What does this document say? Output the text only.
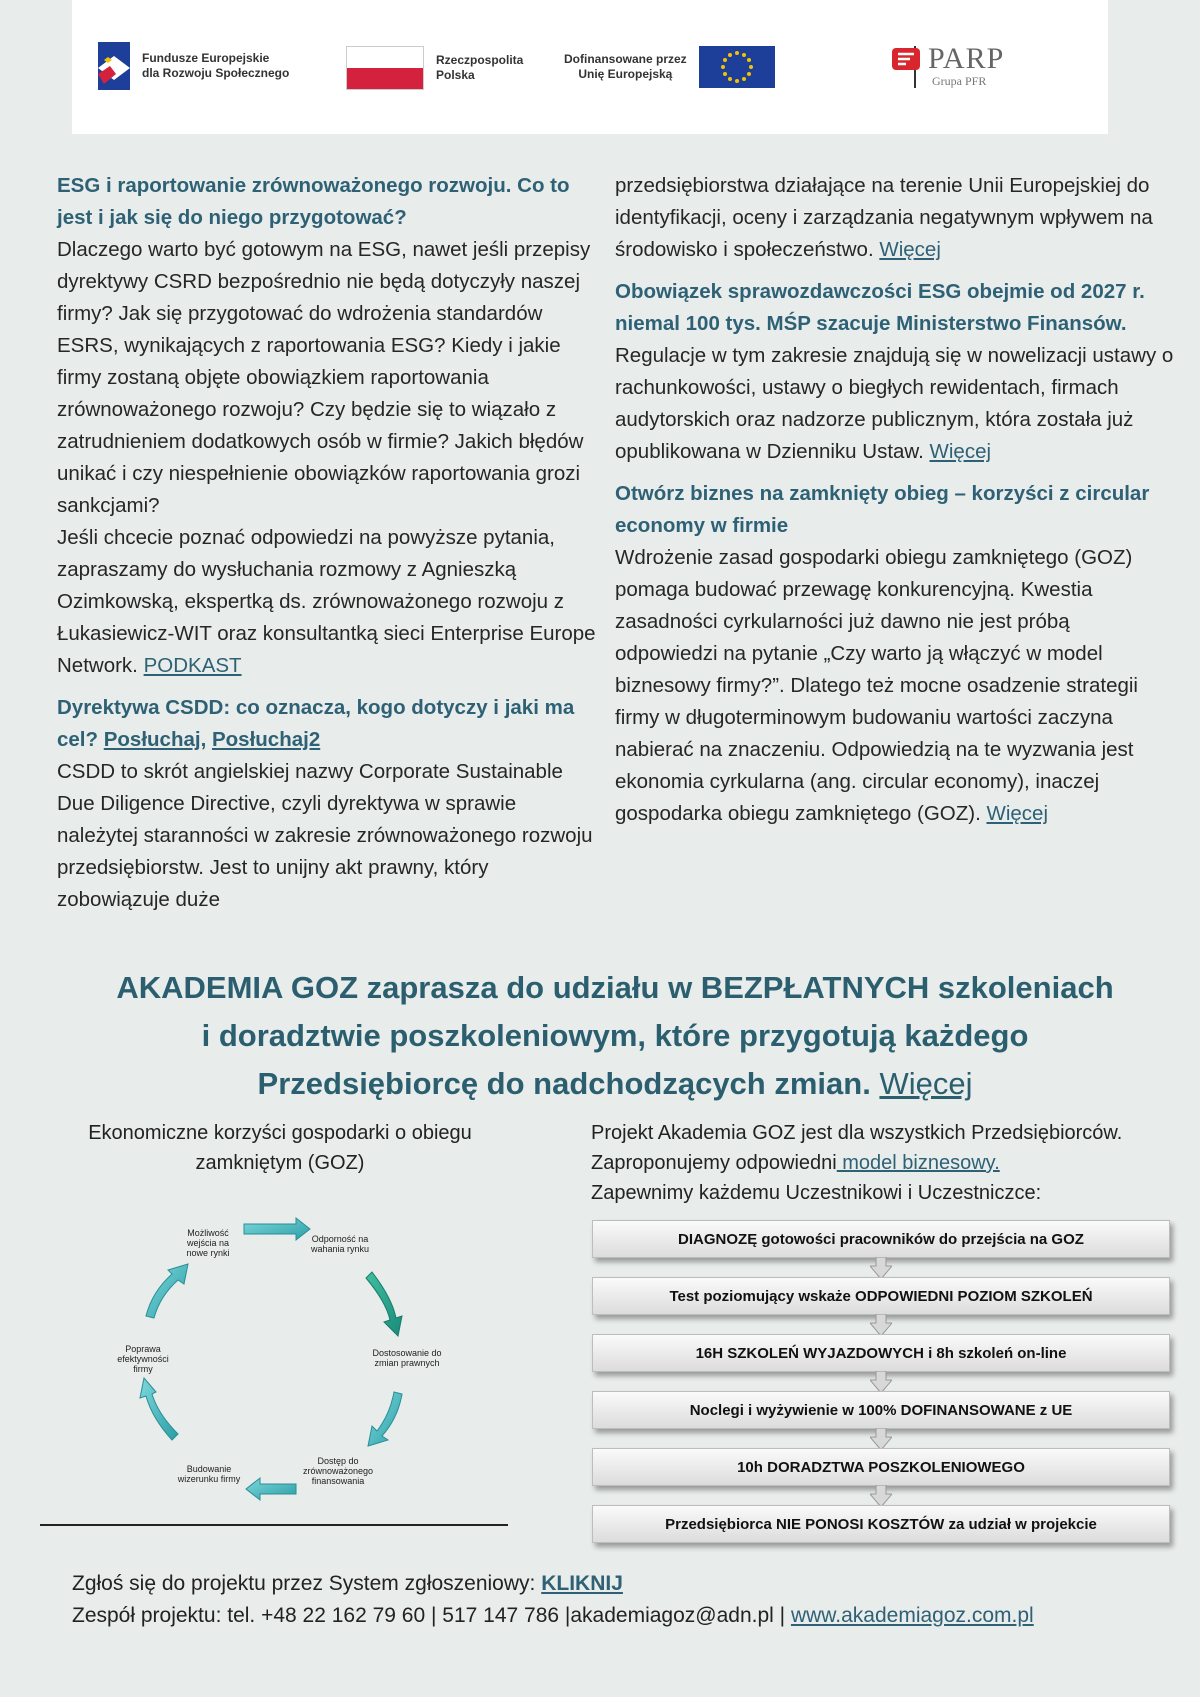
Fundusze Europejskie
dla Rozwoju Społecznego
Rzeczpospolita
Polska
Dofinansowane przez
Unię Europejską	PARP
Grupa PFR

ESG i raportowanie zrównoważonego rozwoju. Co to jest i jak się do niego przygotować?

Dlaczego warto być gotowym na ESG, nawet jeśli przepisy dyrektywy CSRD bezpośrednio nie będą dotyczyły naszej firmy? Jak się przygotować do wdrożenia standardów ESRS, wynikających z raportowania ESG? Kiedy i jakie firmy zostaną objęte obowiązkiem raportowania zrównoważonego rozwoju? Czy będzie się to wiązało z zatrudnieniem dodatkowych osób w firmie? Jakich błędów unikać i czy niespełnienie obowiązków raportowania grozi sankcjami?

Jeśli chcecie poznać odpowiedzi na powyższe pytania, zapraszamy do wysłuchania rozmowy z Agnieszką Ozimkowską, ekspertką ds. zrównoważonego rozwoju z Łukasiewicz-WIT oraz konsultantką sieci Enterprise Europe Network. PODKAST

Dyrektywa CSDD: co oznacza, kogo dotyczy i jaki ma cel? Posłuchaj, Posłuchaj2

CSDD to skrót angielskiej nazwy Corporate Sustainable Due Diligence Directive, czyli dyrektywa w sprawie należytej staranności w zakresie zrównoważonego rozwoju przedsiębiorstw. Jest to unijny akt prawny, który zobowiązuje duże

przedsiębiorstwa działające na terenie Unii Europejskiej do identyfikacji, oceny i zarządzania negatywnym wpływem na środowisko i społeczeństwo. Więcej

Obowiązek sprawozdawczości ESG obejmie od 2027 r. niemal 100 tys. MŚP szacuje Ministerstwo Finansów.

Regulacje w tym zakresie znajdują się w nowelizacji ustawy o rachunkowości, ustawy o biegłych rewidentach, firmach audytorskich oraz nadzorze publicznym, która została już opublikowana w Dzienniku Ustaw. Więcej

Otwórz biznes na zamknięty obieg – korzyści z circular economy w firmie

Wdrożenie zasad gospodarki obiegu zamkniętego (GOZ) pomaga budować przewagę konkurencyjną. Kwestia zasadności cyrkularności już dawno nie jest próbą odpowiedzi na pytanie „Czy warto ją włączyć w model biznesowy firmy?”. Dlatego też mocne osadzenie strategii firmy w długoterminowym budowaniu wartości zaczyna nabierać na znaczeniu. Odpowiedzią na te wyzwania jest ekonomia cyrkularna (ang. circular economy), inaczej gospodarka obiegu zamkniętego (GOZ). Więcej

AKADEMIA GOZ zaprasza do udziału w BEZPŁATNYCH szkoleniach
i doradztwie poszkoleniowym, które przygotują każdego
Przedsiębiorcę do nadchodzących zmian. Więcej
Ekonomiczne korzyści gospodarki o obiegu zamkniętym (GOZ)
Odporność na wahania rynku
Dostosowanie do zmian prawnych
Dostęp do zrównoważonego finansowania
Budowanie wizerunku firmy
Poprawa efektywności firmy
Możliwość wejścia na nowe rynki
Projekt Akademia GOZ jest dla wszystkich Przedsiębiorców.
Zaproponujemy odpowiedni model biznesowy.
Zapewnimy każdemu Uczestnikowi i Uczestniczce:
DIAGNOZĘ gotowości pracowników do przejścia na GOZ
Test poziomujący wskaże ODPOWIEDNI POZIOM SZKOLEŃ
16H SZKOLEŃ WYJAZDOWYCH i 8h szkoleń on-line
Noclegi i wyżywienie w 100% DOFINANSOWANE z UE
10h DORADZTWA POSZKOLENIOWEGO
Przedsiębiorca NIE PONOSI KOSZTÓW za udział w projekcie
Zgłoś się do projektu przez System zgłoszeniowy: KLIKNIJ
Zespół projektu: tel. +48 22 162 79 60 | 517 147 786 |akademiagoz@adn.pl | www.akademiagoz.com.pl
